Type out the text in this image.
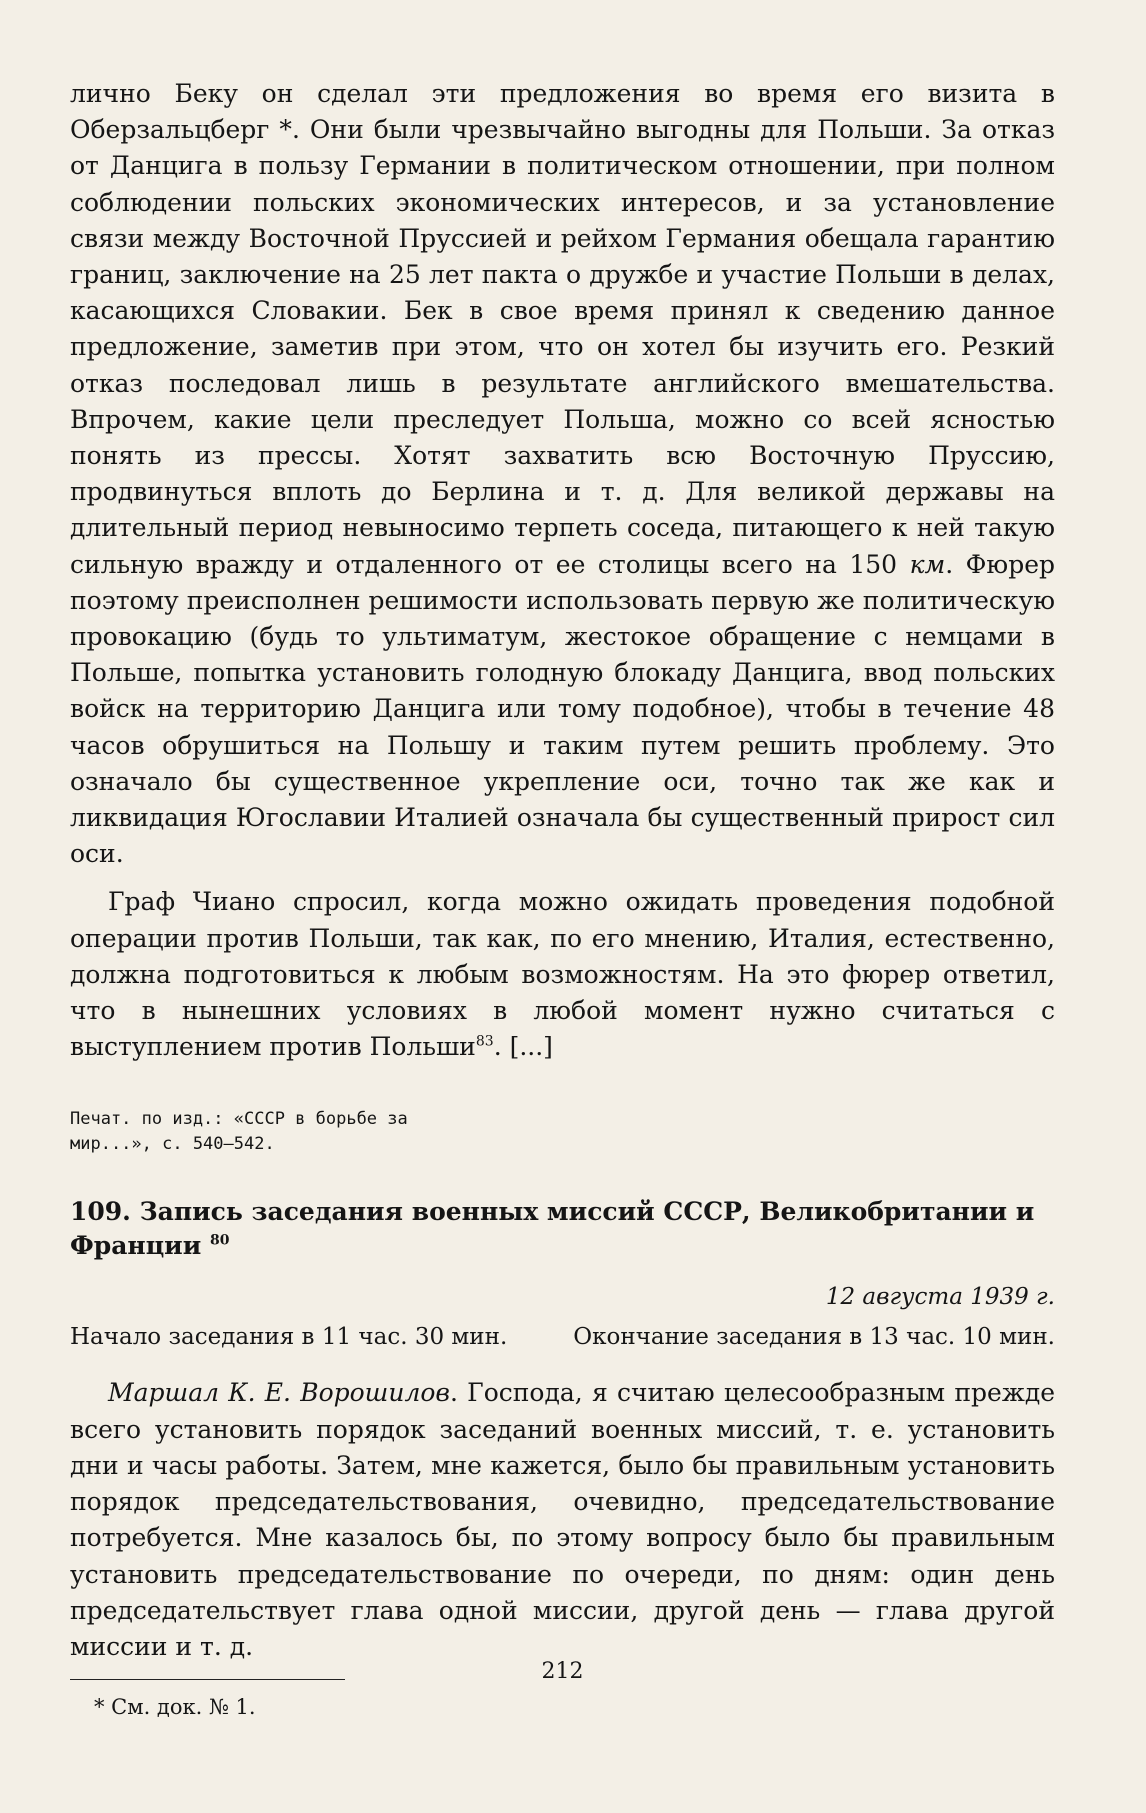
лично Беку он сделал эти предложения во время его визита в Оберзальцберг *. Они были чрезвычайно выгодны для Польши. За отказ от Данцига в пользу Германии в политическом отношении, при полном соблюдении польских экономических интересов, и за установление связи между Восточной Пруссией и рейхом Германия обещала гарантию границ, заключение на 25 лет пакта о дружбе и участие Польши в делах, касающихся Словакии. Бек в свое время принял к сведению данное предложение, заметив при этом, что он хотел бы изучить его. Резкий отказ последовал лишь в результате английского вмешательства. Впрочем, какие цели преследует Польша, можно со всей ясностью понять из прессы. Хотят захватить всю Восточную Пруссию, продвинуться вплоть до Берлина и т. д. Для великой державы на длительный период невыносимо терпеть соседа, питающего к ней такую сильную вражду и отдаленного от ее столицы всего на 150 км. Фюрер поэтому преисполнен решимости использовать первую же политическую провокацию (будь то ультиматум, жестокое обращение с немцами в Польше, попытка установить голодную блокаду Данцига, ввод польских войск на территорию Данцига или тому подобное), чтобы в течение 48 часов обрушиться на Польшу и таким путем решить проблему. Это означало бы существенное укрепление оси, точно так же как и ликвидация Югославии Италией означала бы существенный прирост сил оси.

Граф Чиано спросил, когда можно ожидать проведения подобной операции против Польши, так как, по его мнению, Италия, естественно, должна подготовиться к любым возможностям. На это фюрер ответил, что в нынешних условиях в любой момент нужно считаться с выступлением против Польши$^{83}$. [...]

Печат. по изд.: «СССР в борьбе за
мир...», с. 540—542.
109. Запись заседания военных миссий СССР, Великобритании и Франции $^{80}$
12 августа 1939 г.
Начало заседания в 11 час. 30 мин.	Окончание заседания в 13 час. 10 мин.
Маршал К. Е. Ворошилов. Господа, я считаю целесообразным прежде всего установить порядок заседаний военных миссий, т. е. установить дни и часы работы. Затем, мне кажется, было бы правильным установить порядок председательствования, очевидно, председательствование потребуется. Мне казалось бы, по этому вопросу было бы правильным установить председательствование по очереди, по дням: один день председательствует глава одной миссии, другой день — глава другой миссии и т. д.
* См. док. № 1.
212
